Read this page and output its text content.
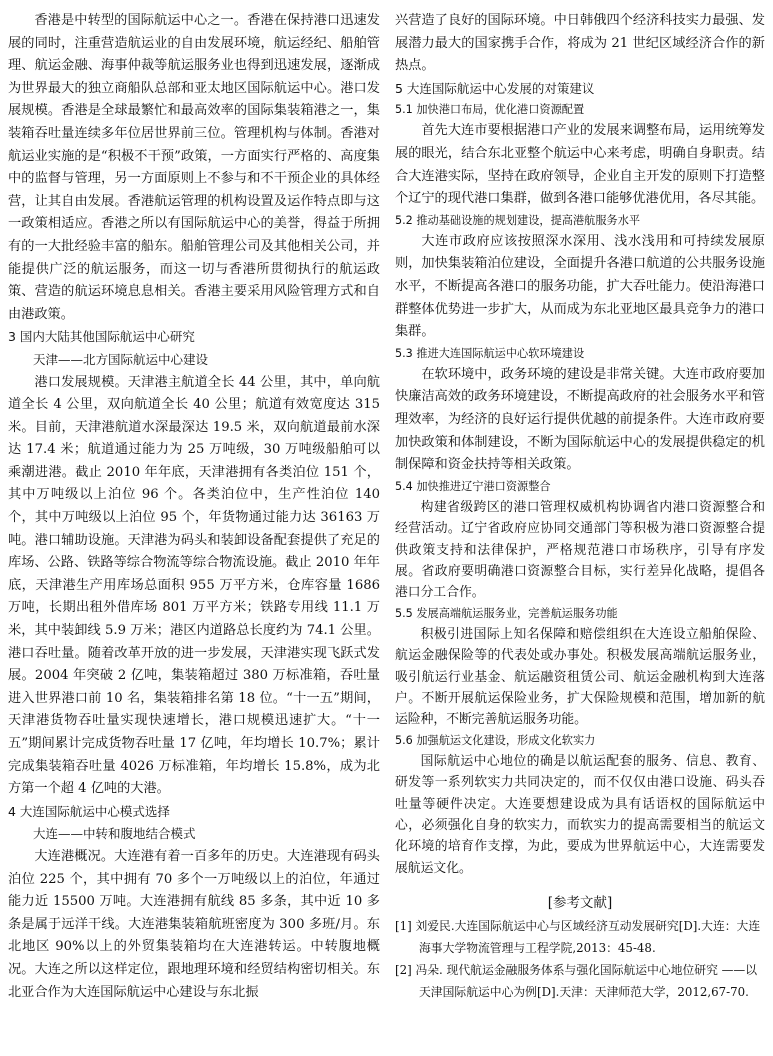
香港是中转型的国际航运中心之一。香港在保持港口迅速发展的同时，注重营造航运业的自由发展环境，航运经纪、船舶管理、航运金融、海事仲裁等航运服务业也得到迅速发展，逐渐成为世界最大的独立商船队总部和亚太地区国际航运中心。港口发展规模。香港是全球最繁忙和最高效率的国际集装箱港之一，集装箱吞吐量连续多年位居世界前三位。管理机构与体制。香港对航运业实施的是“积极不干预”政策，一方面实行严格的、高度集中的监督与管理，另一方面原则上不参与和不干预企业的具体经营，让其自由发展。香港航运管理的机构设置及运作特点即与这一政策相适应。香港之所以有国际航运中心的美誉，得益于所拥有的一大批经验丰富的船东。船舶管理公司及其他相关公司，并能提供广泛的航运服务，而这一切与香港所贯彻执行的航运政策、营造的航运环境息息相关。香港主要采用风险管理方式和自由港政策。

3 国内大陆其他国际航运中心研究

天津——北方国际航运中心建设

港口发展规模。天津港主航道全长 44 公里，其中，单向航道全长 4 公里，双向航道全长 40 公里；航道有效宽度达 315 米。目前，天津港航道水深最深达 19.5 米，双向航道最前水深达 17.4 米；航道通过能力为 25 万吨级，30 万吨级船舶可以乘潮进港。截止 2010 年年底，天津港拥有各类泊位 151 个，其中万吨级以上泊位 96 个。各类泊位中，生产性泊位 140 个，其中万吨级以上泊位 95 个，年货物通过能力达 36163 万吨。港口辅助设施。天津港为码头和装卸设备配套提供了充足的库场、公路、铁路等综合物流等综合物流设施。截止 2010 年年底，天津港生产用库场总面积 955 万平方米，仓库容量 1686 万吨，长期出租外借库场 801 万平方米；铁路专用线 11.1 万米，其中装卸线 5.9 万米；港区内道路总长度约为 74.1 公里。港口吞吐量。随着改革开放的进一步发展，天津港实现飞跃式发展。2004 年突破 2 亿吨，集装箱超过 380 万标准箱，吞吐量进入世界港口前 10 名，集装箱排名第 18 位。“十一五”期间，天津港货物吞吐量实现快速增长，港口规模迅速扩大。“十一五”期间累计完成货物吞吐量 17 亿吨，年均增长 10.7%；累计完成集装箱吞吐量 4026 万标准箱，年均增长 15.8%，成为北方第一个超 4 亿吨的大港。

4 大连国际航运中心模式选择

大连——中转和腹地结合模式

大连港概况。大连港有着一百多年的历史。大连港现有码头泊位 225 个，其中拥有 70 多个一万吨级以上的泊位，年通过能力近 15500 万吨。大连港拥有航线 85 多条，其中近 10 多条是属于远洋干线。大连港集装箱航班密度为 300 多班/月。东北地区 90%以上的外贸集装箱均在大连港转运。中转腹地概况。大连之所以这样定位，跟地理环境和经贸结构密切相关。东北亚合作为大连国际航运中心建设与东北振

兴营造了良好的国际环境。中日韩俄四个经济科技实力最强、发展潜力最大的国家携手合作，将成为 21 世纪区域经济合作的新热点。

5 大连国际航运中心发展的对策建议

5.1 加快港口布局，优化港口资源配置

首先大连市要根据港口产业的发展来调整布局，运用统筹发展的眼光，结合东北亚整个航运中心来考虑，明确自身职责。结合大连港实际，坚持在政府领导，企业自主开发的原则下打造整个辽宁的现代港口集群，做到各港口能够优港优用，各尽其能。

5.2 推动基础设施的规划建设，提高港航服务水平

大连市政府应该按照深水深用、浅水浅用和可持续发展原则，加快集装箱泊位建设，全面提升各港口航道的公共服务设施水平，不断提高各港口的服务功能，扩大吞吐能力。使沿海港口群整体优势进一步扩大，从而成为东北亚地区最具竞争力的港口集群。

5.3 推进大连国际航运中心软环境建设

在软环境中，政务环境的建设是非常关键。大连市政府要加快廉洁高效的政务环境建设，不断提高政府的社会服务水平和管理效率，为经济的良好运行提供优越的前提条件。大连市政府要加快政策和体制建设，不断为国际航运中心的发展提供稳定的机制保障和资金扶持等相关政策。

5.4 加快推进辽宁港口资源整合

构建省级跨区的港口管理权威机构协调省内港口资源整合和经营活动。辽宁省政府应协同交通部门等积极为港口资源整合提供政策支持和法律保护，严格规范港口市场秩序，引导有序发展。省政府要明确港口资源整合目标，实行差异化战略，提倡各港口分工合作。

5.5 发展高端航运服务业，完善航运服务功能

积极引进国际上知名保障和赔偿组织在大连设立船舶保险、航运金融保险等的代表处或办事处。积极发展高端航运服务业，吸引航运行业基金、航运融资租赁公司、航运金融机构到大连落户。不断开展航运保险业务，扩大保险规模和范围，增加新的航运险种，不断完善航运服务功能。

5.6 加强航运文化建设，形成文化软实力

国际航运中心地位的确是以航运配套的服务、信息、教育、研发等一系列软实力共同决定的，而不仅仅由港口设施、码头吞吐量等硬件决定。大连要想建设成为具有话语权的国际航运中心，必须强化自身的软实力，而软实力的提高需要相当的航运文化环境的培育作支撑，为此，要成为世界航运中心，大连需要发展航运文化。

[参考文献]

[1] 刘爱民.大连国际航运中心与区域经济互动发展研究[D].大连：大连海事大学物流管理与工程学院,2013：45-48.

[2] 冯朵. 现代航运金融服务体系与强化国际航运中心地位研究 ——以天津国际航运中心为例[D].天津：天津师范大学，2012,67-70.
